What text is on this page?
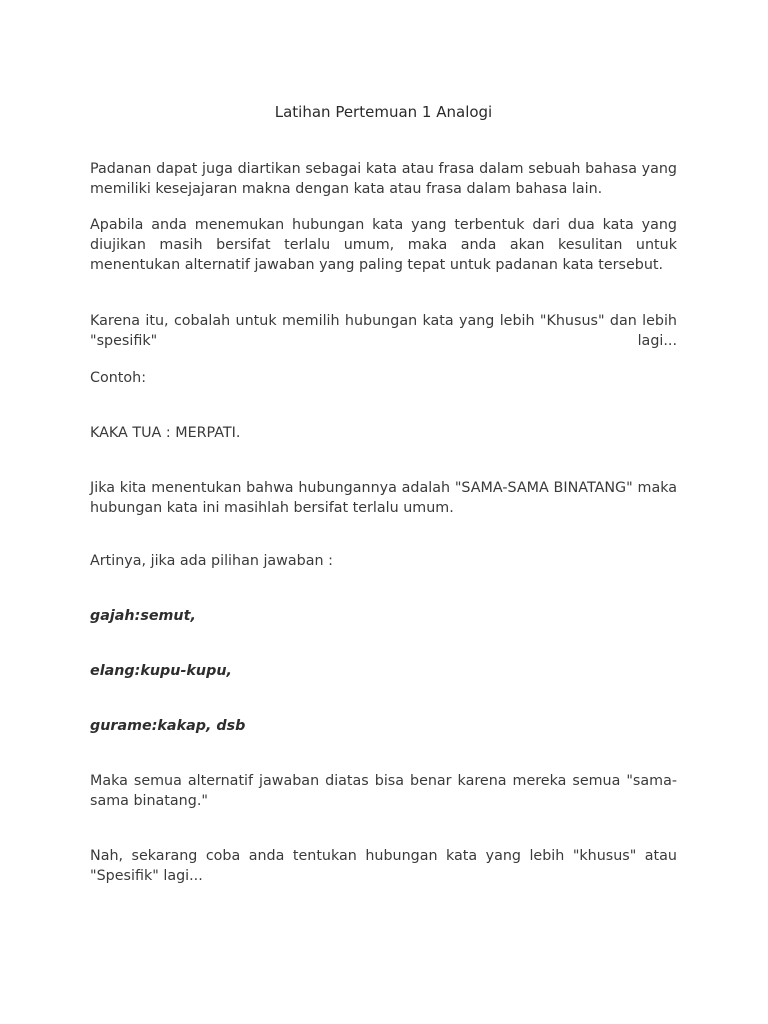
Latihan Pertemuan 1 Analogi

Padanan dapat juga diartikan sebagai kata atau frasa dalam sebuah bahasa yang memiliki kesejajaran makna dengan kata atau frasa dalam bahasa lain.

Apabila anda menemukan hubungan kata yang terbentuk dari dua kata yang diujikan masih bersifat terlalu umum, maka anda akan kesulitan untuk menentukan alternatif jawaban yang paling tepat untuk padanan kata tersebut.

Karena itu, cobalah untuk memilih hubungan kata yang lebih "Khusus" dan lebih "spesifik" lagi...

Contoh:

KAKA TUA : MERPATI.

Jika kita menentukan bahwa hubungannya adalah "SAMA-SAMA BINATANG" maka hubungan kata ini masihlah bersifat terlalu umum.

Artinya, jika ada pilihan jawaban :

gajah:semut,

elang:kupu-kupu,

gurame:kakap, dsb

Maka semua alternatif jawaban diatas bisa benar karena mereka semua "sama-sama binatang."

Nah, sekarang coba anda tentukan hubungan kata yang lebih "khusus" atau "Spesifik" lagi...
